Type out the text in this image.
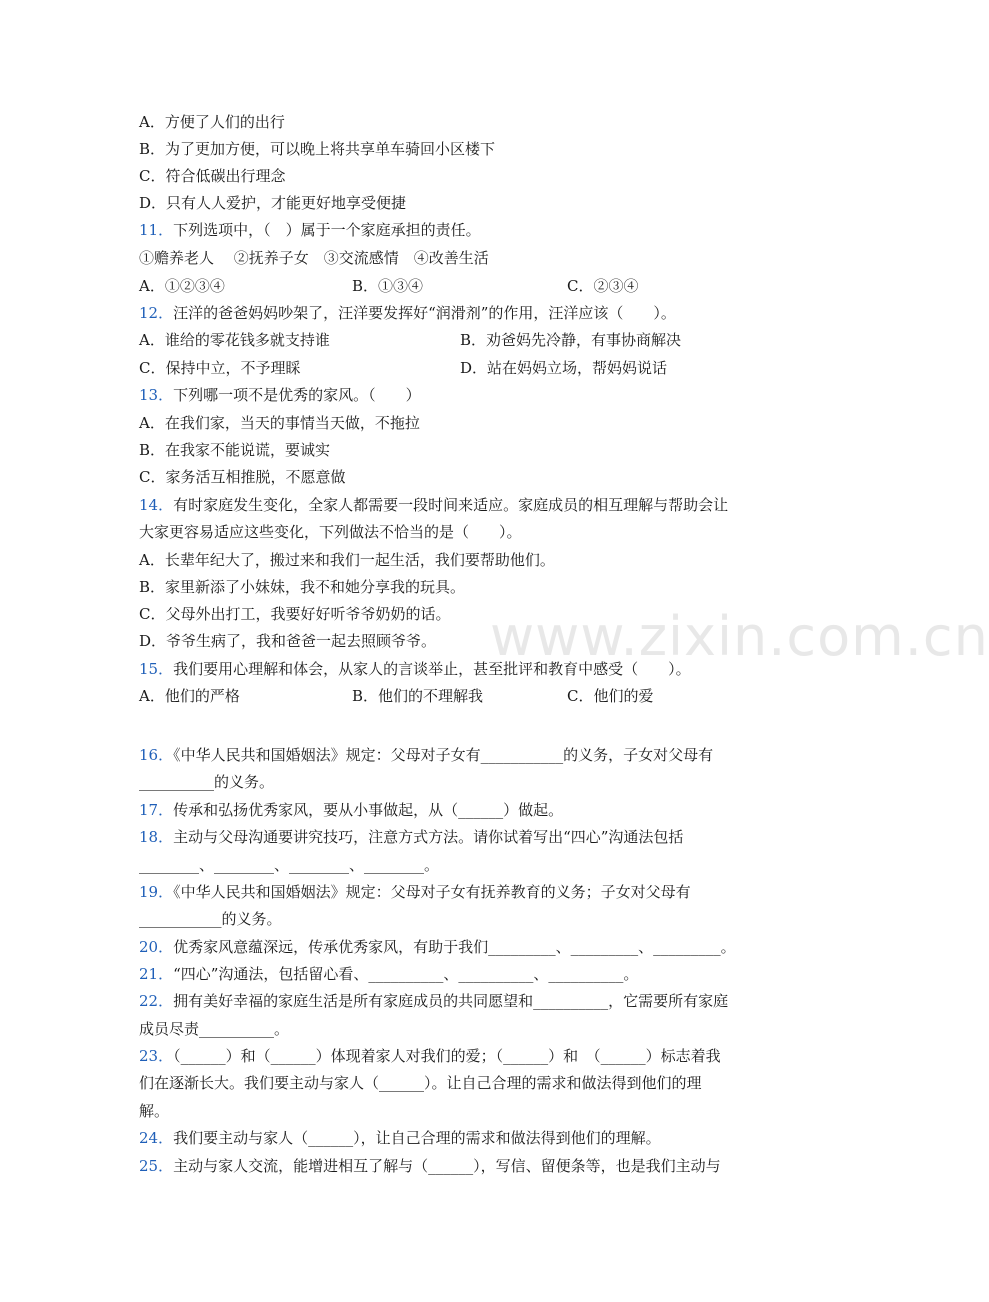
A．方便了人们的出行
B．为了更加方便，可以晚上将共享单车骑回小区楼下
C．符合低碳出行理念
D．只有人人爱护，才能更好地享受便捷
11．下列选项中，（　）属于一个家庭承担的责任。
①赡养老人　 ②抚养子女　③交流感情　④改善生活
A．①②③④	B．①③④	C．②③④
12．汪洋的爸爸妈妈吵架了，汪洋要发挥好“润滑剂”的作用，汪洋应该（　　）。
A．谁给的零花钱多就支持谁	B．劝爸妈先冷静，有事协商解决
C．保持中立，不予理睬	D．站在妈妈立场，帮妈妈说话
13．下列哪一项不是优秀的家风。（　　）
A．在我们家，当天的事情当天做，不拖拉
B．在我家不能说谎，要诚实
C．家务活互相推脱，不愿意做
14．有时家庭发生变化，全家人都需要一段时间来适应。家庭成员的相互理解与帮助会让
大家更容易适应这些变化，下列做法不恰当的是（　　）。
A．长辈年纪大了，搬过来和我们一起生活，我们要帮助他们。
B．家里新添了小妹妹，我不和她分享我的玩具。
C．父母外出打工，我要好好听爷爷奶奶的话。
D．爷爷生病了，我和爸爸一起去照顾爷爷。
15．我们要用心理解和体会，从家人的言谈举止，甚至批评和教育中感受（　　）。
A．他们的严格	B．他们的不理解我	C．他们的爱
www.zixin.com.cn
16．《中华人民共和国婚姻法》规定：父母对子女有___________的义务，子女对父母有
__________的义务。
17．传承和弘扬优秀家风，要从小事做起，从（______）做起。
18．主动与父母沟通要讲究技巧，注意方式方法。请你试着写出“四心”沟通法包括
________、________、________、________。
19．《中华人民共和国婚姻法》规定：父母对子女有抚养教育的义务；子女对父母有
___________的义务。
20．优秀家风意蕴深远，传承优秀家风，有助于我们_________、_________、_________。
21．“四心”沟通法，包括留心看、__________、__________、__________。
22．拥有美好幸福的家庭生活是所有家庭成员的共同愿望和__________，它需要所有家庭
成员尽责__________。
23．（______）和（______）体现着家人对我们的爱；（______）和　（______）标志着我
们在逐渐长大。我们要主动与家人（______）。让自己合理的需求和做法得到他们的理
解。
24．我们要主动与家人（______），让自己合理的需求和做法得到他们的理解。
25．主动与家人交流，能增进相互了解与（______），写信、留便条等，也是我们主动与
